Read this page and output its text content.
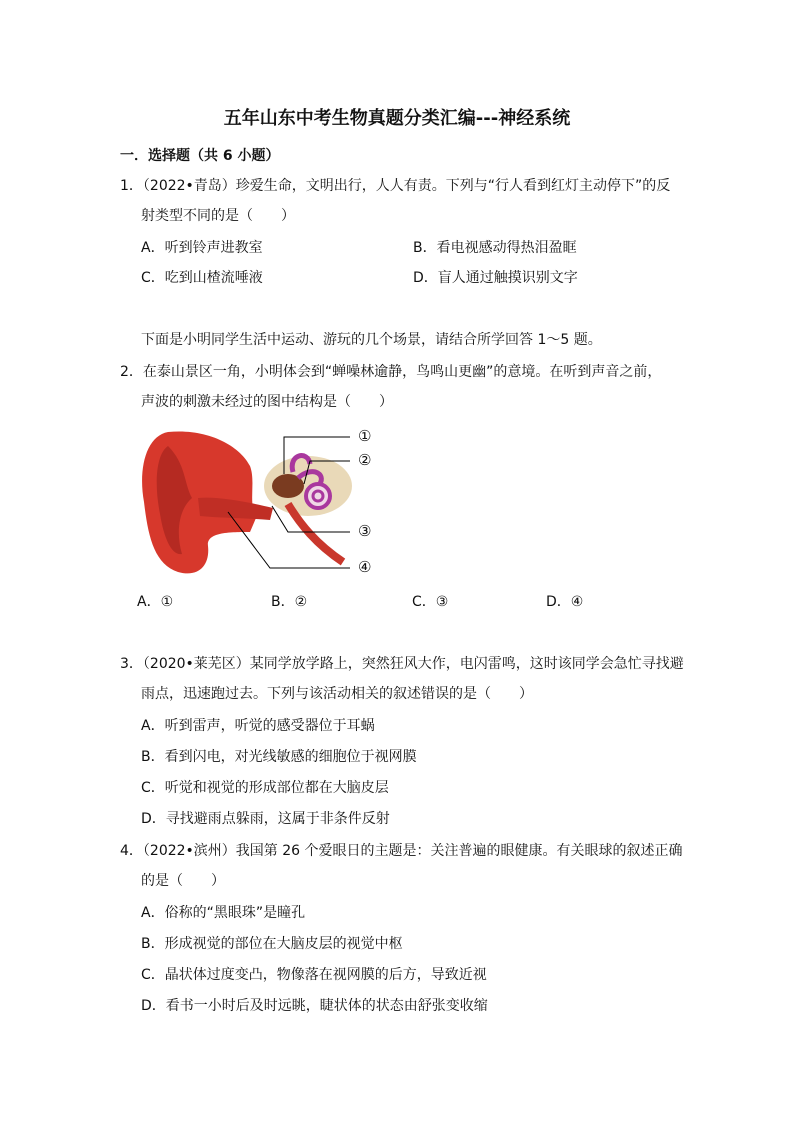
五年山东中考生物真题分类汇编---神经系统
一．选择题（共 6 小题）
1．（2022•青岛）珍爱生命，文明出行，人人有责。下列与“行人看到红灯主动停下”的反
射类型不同的是（　　）
A．听到铃声进教室	B．看电视感动得热泪盈眶
C．吃到山楂流唾液	D．盲人通过触摸识别文字
下面是小明同学生活中运动、游玩的几个场景，请结合所学回答 1～5 题。
2．在泰山景区一角，小明体会到“蝉噪林逾静，鸟鸣山更幽”的意境。在听到声音之前，
声波的刺激未经过的图中结构是（　　）
①
②
③
④
A．①	B．②	C．③	D．④
3．（2020•莱芜区）某同学放学路上，突然狂风大作，电闪雷鸣，这时该同学会急忙寻找避
雨点，迅速跑过去。下列与该活动相关的叙述错误的是（　　）
A．听到雷声，听觉的感受器位于耳蜗
B．看到闪电，对光线敏感的细胞位于视网膜
C．听觉和视觉的形成部位都在大脑皮层
D．寻找避雨点躲雨，这属于非条件反射
4．（2022•滨州）我国第 26 个爱眼日的主题是：关注普遍的眼健康。有关眼球的叙述正确
的是（　　）
A．俗称的“黑眼珠”是瞳孔
B．形成视觉的部位在大脑皮层的视觉中枢
C．晶状体过度变凸，物像落在视网膜的后方，导致近视
D．看书一小时后及时远眺，睫状体的状态由舒张变收缩
